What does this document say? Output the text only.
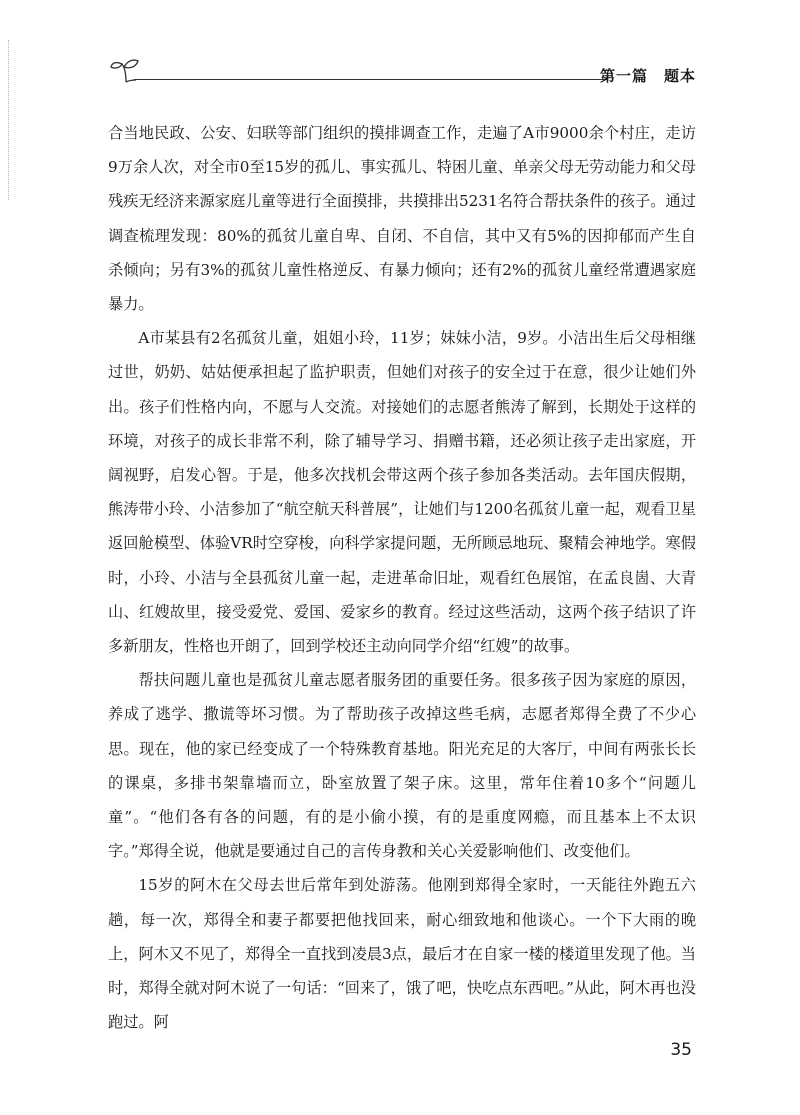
第一篇　题本

合当地民政、公安、妇联等部门组织的摸排调查工作，走遍了A市9000余个村庄，走访9万余人次，对全市0至15岁的孤儿、事实孤儿、特困儿童、单亲父母无劳动能力和父母残疾无经济来源家庭儿童等进行全面摸排，共摸排出5231名符合帮扶条件的孩子。通过调查梳理发现：80%的孤贫儿童自卑、自闭、不自信，其中又有5%的因抑郁而产生自杀倾向；另有3%的孤贫儿童性格逆反、有暴力倾向；还有2%的孤贫儿童经常遭遇家庭暴力。

A市某县有2名孤贫儿童，姐姐小玲，11岁；妹妹小洁，9岁。小洁出生后父母相继过世，奶奶、姑姑便承担起了监护职责，但她们对孩子的安全过于在意，很少让她们外出。孩子们性格内向，不愿与人交流。对接她们的志愿者熊涛了解到，长期处于这样的环境，对孩子的成长非常不利，除了辅导学习、捐赠书籍，还必须让孩子走出家庭，开阔视野，启发心智。于是，他多次找机会带这两个孩子参加各类活动。去年国庆假期，熊涛带小玲、小洁参加了“航空航天科普展”，让她们与1200名孤贫儿童一起，观看卫星返回舱模型、体验VR时空穿梭，向科学家提问题，无所顾忌地玩、聚精会神地学。寒假时，小玲、小洁与全县孤贫儿童一起，走进革命旧址，观看红色展馆，在孟良崮、大青山、红嫂故里，接受爱党、爱国、爱家乡的教育。经过这些活动，这两个孩子结识了许多新朋友，性格也开朗了，回到学校还主动向同学介绍“红嫂”的故事。

帮扶问题儿童也是孤贫儿童志愿者服务团的重要任务。很多孩子因为家庭的原因，养成了逃学、撒谎等坏习惯。为了帮助孩子改掉这些毛病，志愿者郑得全费了不少心思。现在，他的家已经变成了一个特殊教育基地。阳光充足的大客厅，中间有两张长长的课桌，多排书架靠墙而立，卧室放置了架子床。这里，常年住着10多个“问题儿童”。“他们各有各的问题，有的是小偷小摸，有的是重度网瘾，而且基本上不太识字。”郑得全说，他就是要通过自己的言传身教和关心关爱影响他们、改变他们。

15岁的阿木在父母去世后常年到处游荡。他刚到郑得全家时，一天能往外跑五六趟，每一次，郑得全和妻子都要把他找回来，耐心细致地和他谈心。一个下大雨的晚上，阿木又不见了，郑得全一直找到凌晨3点，最后才在自家一楼的楼道里发现了他。当时，郑得全就对阿木说了一句话：“回来了，饿了吧，快吃点东西吧。”从此，阿木再也没跑过。阿

35
